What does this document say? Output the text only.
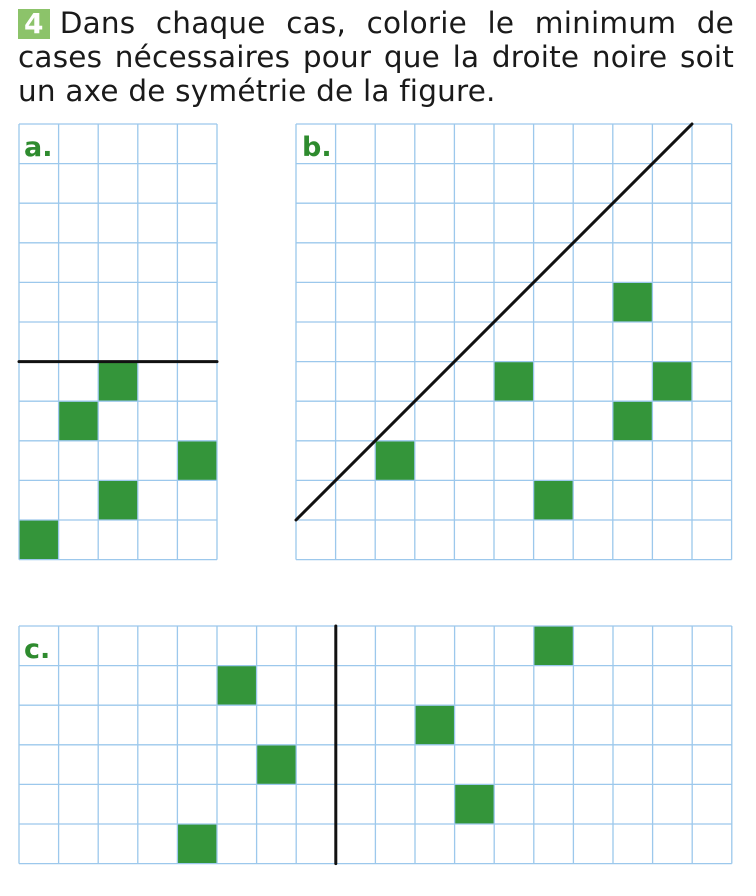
4 Dans chaque cas, colorie le minimum de cases nécessaires pour que la droite noire soit un axe de symétrie de la figure.
a.	b.
c.
